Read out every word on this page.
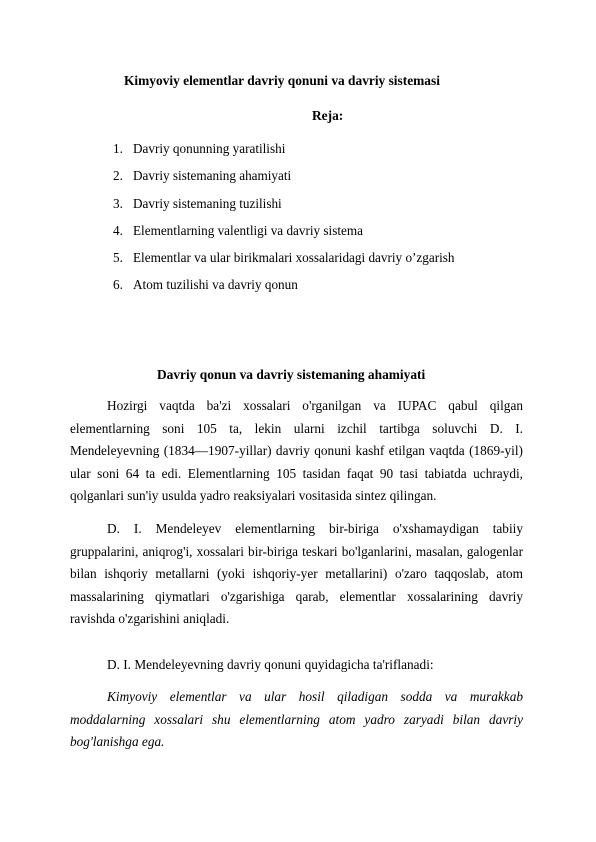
Kimyoviy elementlar davriy qonuni va davriy sistemasi
Reja:
1. Davriy qonunning yaratilishi
2. Davriy sistemaning ahamiyati
3. Davriy sistemaning tuzilishi
4. Elementlarning valentligi va davriy sistema
5. Elementlar va ular birikmalari xossalaridagi davriy o’zgarish
6. Atom tuzilishi va davriy qonun
Davriy qonun va davriy sistemaning ahamiyati

Hozirgi vaqtda ba'zi xossalari o'rganilgan va IUPAC qabul qilgan elementlarning soni 105 ta, lekin ularni izchil tartibga soluvchi D. I. Mendeleyevning (1834—1907-yillar) davriy qonuni kashf etilgan vaqtda (1869-yil) ular soni 64 ta edi. Elementlarning 105 tasidan faqat 90 tasi tabiatda uchraydi, qolganlari sun'iy usulda yadro reaksiyalari vositasida sintez qilingan.

D. I. Mendeleyev elementlarning bir-biriga o'xshamaydigan tabiiy gruppalarini, aniqrog'i, xossalari bir-biriga teskari bo'lganlarini, masalan, galogenlar bilan ishqoriy metallarni (yoki ishqoriy-yer metallarini) o'zaro taqqoslab, atom massalarining qiymatlari o'zgarishiga qarab, elementlar xossalarining davriy ravishda o'zgarishini aniqladi.

D. I. Mendeleyevning davriy qonuni quyidagicha ta'riflanadi:

Kimyoviy elementlar va ular hosil qiladigan sodda va murakkab moddalarning xossalari shu elementlarning atom yadro zaryadi bilan davriy bog'lanishga ega.
